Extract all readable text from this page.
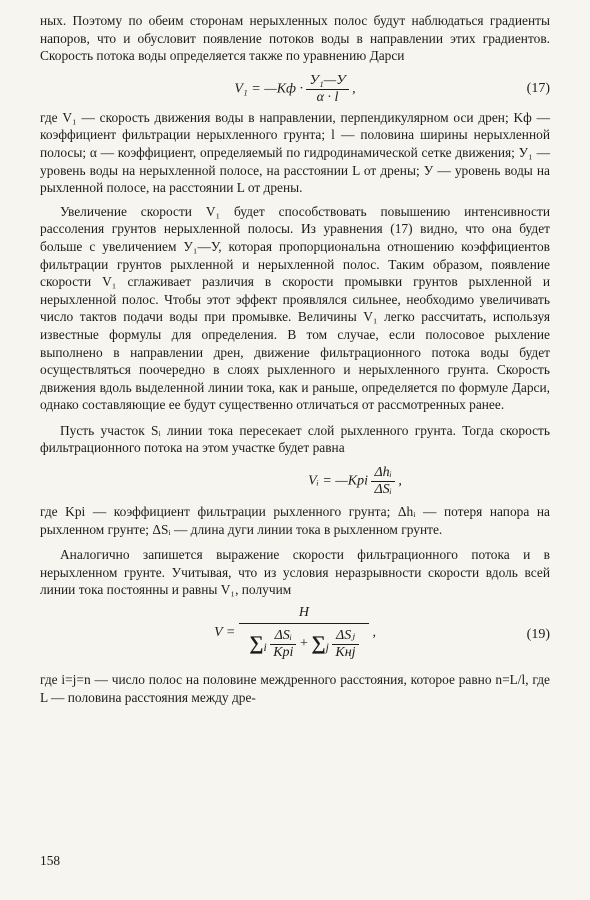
ных. Поэтому по обеим сторонам нерыхленных полос будут наблюдаться градиенты напоров, что и обусловит появление потоков воды в направлении этих градиентов. Скорость потока воды определяется также по уравнению Дарси

V₁ = —Kф · $\frac{\text{У₁—У}}{\alpha \cdot l}$ ,	(17)

где V₁ — скорость движения воды в направлении, перпендикулярном оси дрен; Kф — коэффициент фильтрации нерыхленного грунта; l — половина ширины нерыхленной полосы; α — коэффициент, определяемый по гидродинамической сетке движения; У₁ — уровень воды на нерыхленной полосе, на расстоянии L от дрены; У — уровень воды на рыхленной полосе, на расстоянии L от дрены.

Увеличение скорости V₁ будет способствовать повышению интенсивности рассоления грунтов нерыхленной полосы. Из уравнения (17) видно, что она будет больше с увеличением У₁—У, которая пропорциональна отношению коэффициентов фильтрации грунтов рыхленной и нерыхленной полос. Таким образом, появление скорости V₁ сглаживает различия в скорости промывки грунтов рыхленной и нерыхленной полос. Чтобы этот эффект проявлялся сильнее, необходимо увеличивать число тактов подачи воды при промывке. Величины V₁ легко рассчитать, используя известные формулы для определения. В том случае, если полосовое рыхление выполнено в направлении дрен, движение фильтрационного потока воды будет осуществляться поочередно в слоях рыхленного и нерыхленного грунта. Скорость движения вдоль выделенной линии тока, как и раньше, определяется по формуле Дарси, однако составляющие ее будут существенно отличаться от рассмотренных ранее.

Пусть участок Sᵢ линии тока пересекает слой рыхленного грунта. Тогда скорость фильтрационного потока на этом участке будет равна

Vᵢ = —Kpi $\frac{\text{Δhᵢ}}{\text{ΔSᵢ}}$ ,

где Kpi — коэффициент фильтрации рыхленного грунта; Δhᵢ — потеря напора на рыхленном грунте; ΔSᵢ — длина дуги линии тока в рыхленном грунте.

Аналогично запишется выражение скорости фильтрационного потока и в нерыхленном грунте. Учитывая, что из условия неразрывности скорости вдоль всей линии тока постоянны и равны V₁, получим

V =
H
$\sum_i \frac{\text{ΔSᵢ}}{\text{Kpi}} + \sum_j \frac{\text{ΔSⱼ}}{\text{Kнj}}$ ,	(19)

где i=j=n — число полос на половине междренного расстояния, которое равно n=L/l, где L — половина расстояния между дре-

158
